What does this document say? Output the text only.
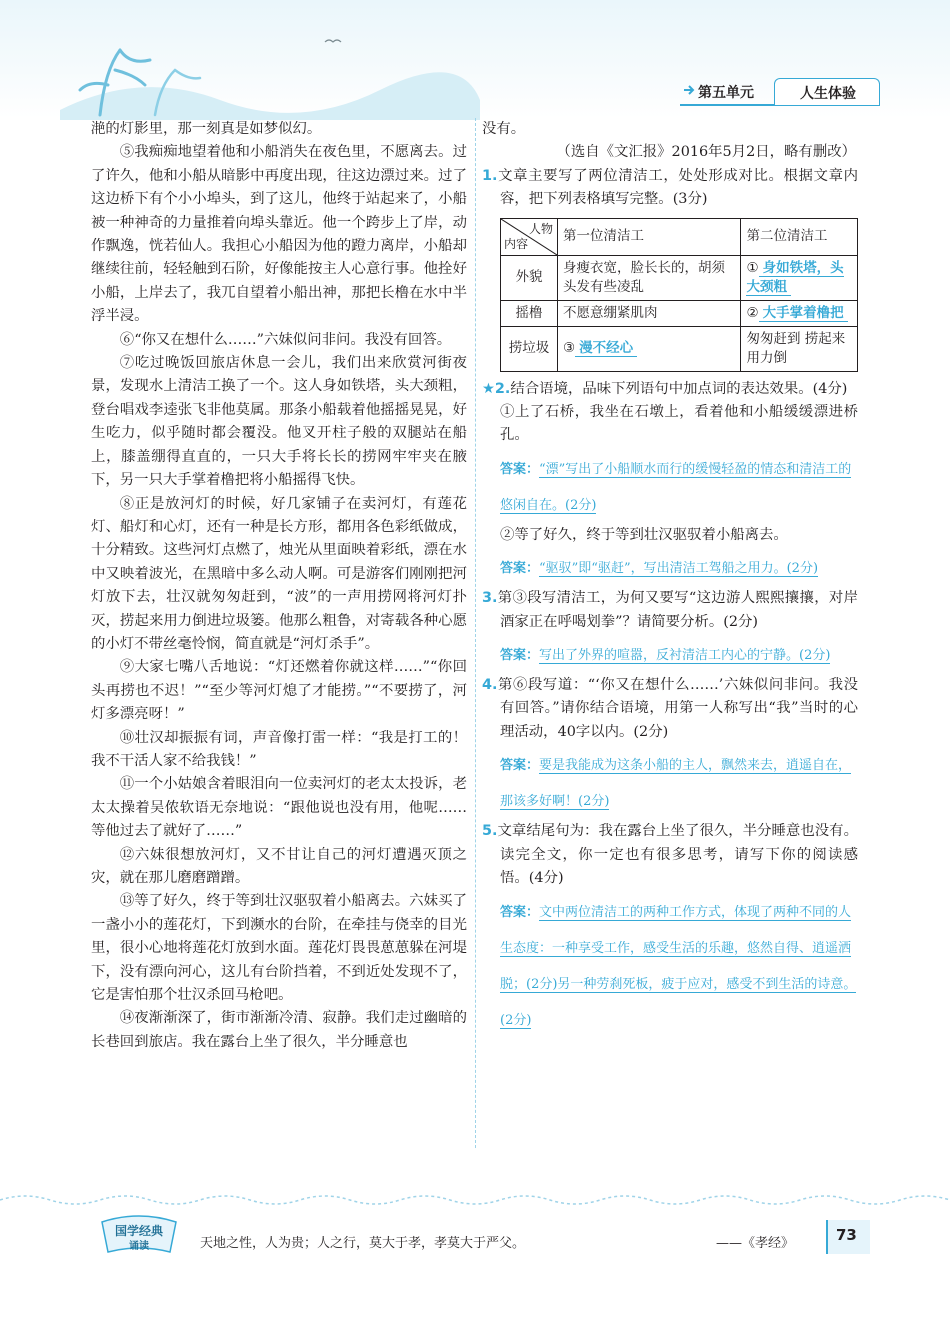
第五单元	人生体验

滟的灯影里，那一刻真是如梦似幻。

⑤我痴痴地望着他和小船消失在夜色里，不愿离去。过了许久，他和小船从暗影中再度出现，往这边漂过来。过了这边桥下有个小小埠头，到了这儿，他终于站起来了，小船被一种神奇的力量推着向埠头靠近。他一个跨步上了岸，动作飘逸，恍若仙人。我担心小船因为他的蹬力离岸，小船却继续往前，轻轻触到石阶，好像能按主人心意行事。他拴好小船，上岸去了，我兀自望着小船出神，那把长橹在水中半浮半浸。

⑥“你又在想什么……”六妹似问非问。我没有回答。

⑦吃过晚饭回旅店休息一会儿，我们出来欣赏河街夜景，发现水上清洁工换了一个。这人身如铁塔，头大颈粗，登台唱戏李逵张飞非他莫属。那条小船载着他摇摇晃晃，好生吃力，似乎随时都会覆没。他叉开柱子般的双腿站在船上，膝盖绷得直直的，一只大手将长长的捞网牢牢夹在腋下，另一只大手掌着橹把将小船摇得飞快。

⑧正是放河灯的时候，好几家铺子在卖河灯，有莲花灯、船灯和心灯，还有一种是长方形，都用各色彩纸做成，十分精致。这些河灯点燃了，烛光从里面映着彩纸，漂在水中又映着波光，在黑暗中多么动人啊。可是游客们刚刚把河灯放下去，壮汉就匆匆赶到，“波”的一声用捞网将河灯扑灭，捞起来用力倒进垃圾篓。他那么粗鲁，对寄载各种心愿的小灯不带丝毫怜悯，简直就是“河灯杀手”。

⑨大家七嘴八舌地说：“灯还燃着你就这样……”“你回头再捞也不迟！”“至少等河灯熄了才能捞。”“不要捞了，河灯多漂亮呀！”

⑩壮汉却振振有词，声音像打雷一样：“我是打工的！我不干活人家不给我钱！”

⑪一个小姑娘含着眼泪向一位卖河灯的老太太投诉，老太太操着吴侬软语无奈地说：“跟他说也没有用，他呢……等他过去了就好了……”

⑫六妹很想放河灯，又不甘让自己的河灯遭遇灭顶之灾，就在那儿磨磨蹭蹭。

⑬等了好久，终于等到壮汉驱驭着小船离去。六妹买了一盏小小的莲花灯，下到濒水的台阶，在牵挂与侥幸的目光里，很小心地将莲花灯放到水面。莲花灯畏畏葸葸躲在河堤下，没有漂向河心，这儿有台阶挡着，不到近处发现不了，它是害怕那个壮汉杀回马枪吧。

⑭夜渐渐深了，街市渐渐冷清、寂静。我们走过幽暗的长巷回到旅店。我在露台上坐了很久，半分睡意也

没有。

（选自《文汇报》2016年5月2日，略有删改）

1.文章主要写了两位清洁工，处处形成对比。根据文章内容，把下列表格填写完整。(3分)

人物
内容	第一位清洁工	第二位清洁工
外貌	身瘦衣宽，脸长长的，胡须头发有些凌乱	① 身如铁塔，头大颈粗
摇橹	不愿意绷紧肌肉	② 大手掌着橹把
捞垃圾	③ 漫不经心	匆匆赶到 捞起来用力倒

★2.结合语境，品味下列语句中加点词的表达效果。(4分)

①上了石桥，我坐在石墩上，看着他和小船缓缓漂进桥孔。

答案：“漂”写出了小船顺水而行的缓慢轻盈的情态和清洁工的悠闲自在。(2分)

②等了好久，终于等到壮汉驱驭着小船离去。

答案：“驱驭”即“驱赶”，写出清洁工驾船之用力。(2分)

3.第③段写清洁工，为何又要写“这边游人熙熙攘攘，对岸酒家正在呼喝划拳”？请简要分析。(2分)

答案：写出了外界的喧嚣，反衬清洁工内心的宁静。(2分)

4.第⑥段写道：“‘你又在想什么……’六妹似问非问。我没有回答。”请你结合语境，用第一人称写出“我”当时的心理活动，40字以内。(2分)

答案：要是我能成为这条小船的主人，飘然来去，逍遥自在，那该多好啊！(2分)

5.文章结尾句为：我在露台上坐了很久，半分睡意也没有。读完全文，你一定也有很多思考，请写下你的阅读感悟。(4分)

答案：文中两位清洁工的两种工作方式，体现了两种不同的人生态度：一种享受工作，感受生活的乐趣，悠然自得、逍遥洒脱；(2分)另一种劳刹死板，疲于应对，感受不到生活的诗意。(2分)

国学经典
诵读	天地之性，人为贵；人之行，莫大于孝，孝莫大于严父。	——《孝经》	73
